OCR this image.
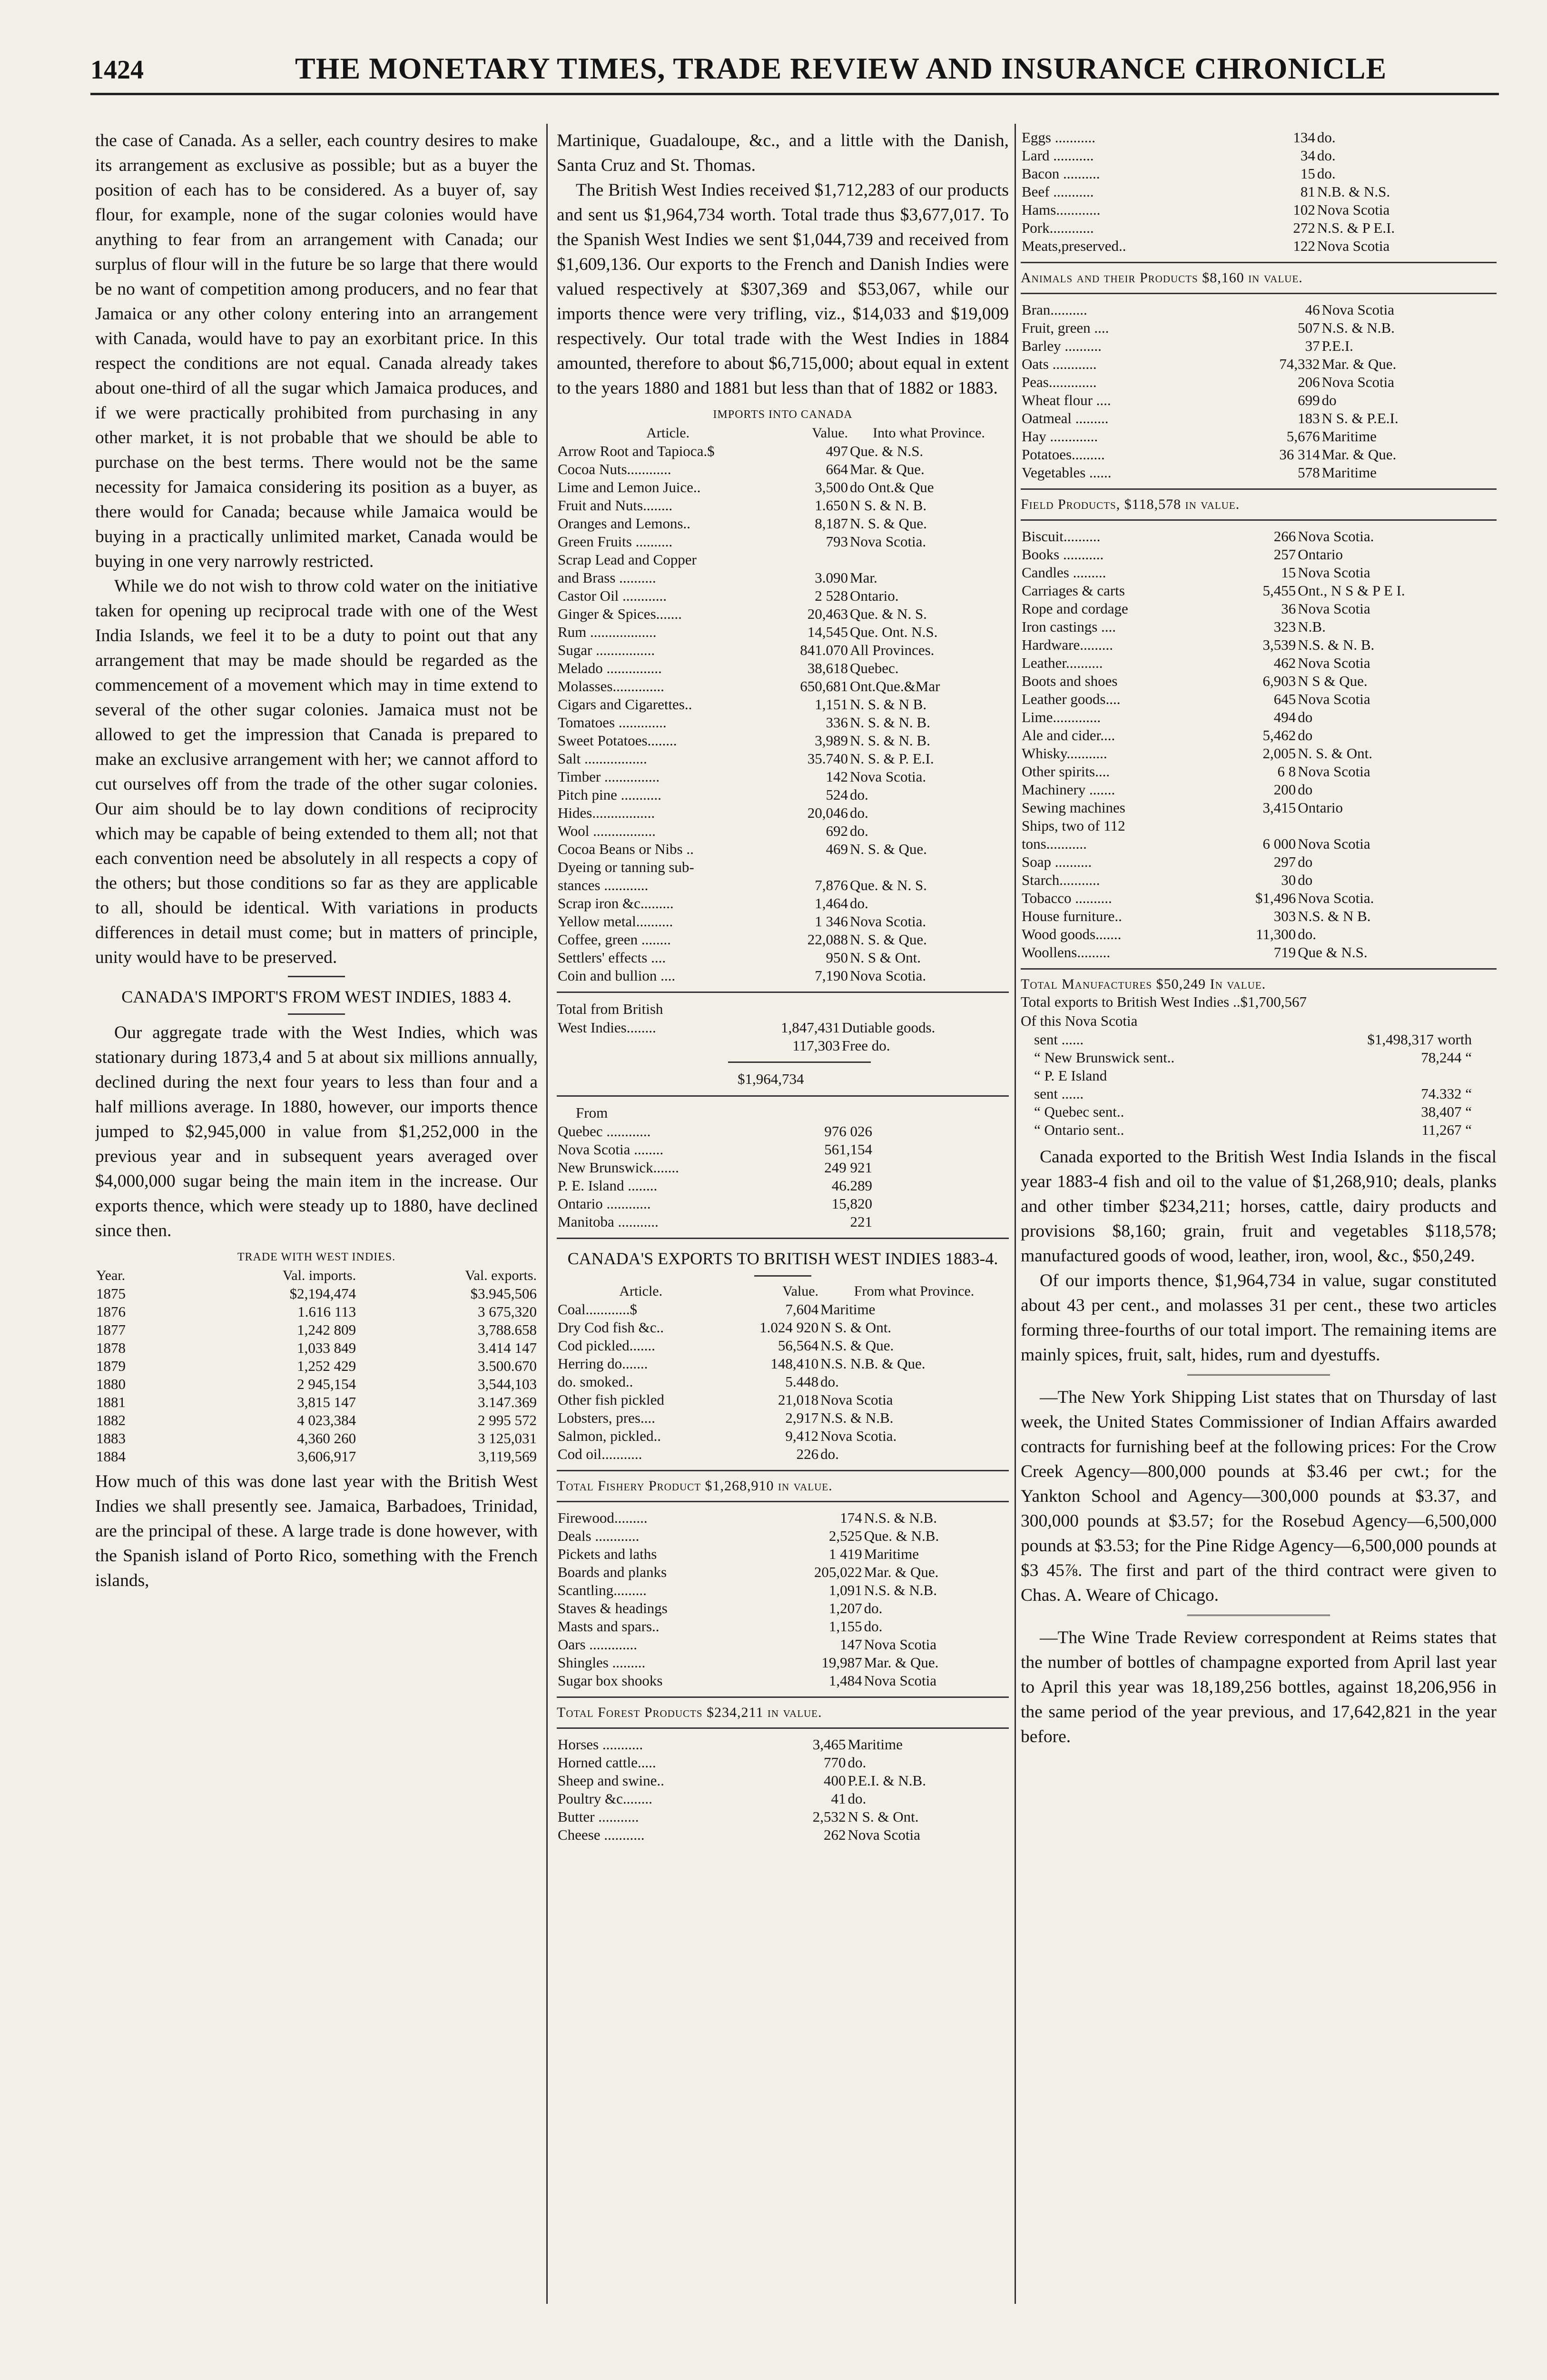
1424	THE MONETARY TIMES, TRADE REVIEW AND INSURANCE CHRONICLE

the case of Canada. As a seller, each country desires to make its arrangement as exclusive as possible; but as a buyer the position of each has to be considered. As a buyer of, say flour, for example, none of the sugar colonies would have anything to fear from an arrangement with Canada; our surplus of flour will in the future be so large that there would be no want of competition among producers, and no fear that Jamaica or any other colony entering into an arrangement with Canada, would have to pay an exorbitant price. In this respect the conditions are not equal. Canada already takes about one-third of all the sugar which Jamaica produces, and if we were practically prohibited from purchasing in any other market, it is not probable that we should be able to purchase on the best terms. There would not be the same necessity for Jamaica considering its position as a buyer, as there would for Canada; because while Jamaica would be buying in a practically unlimited market, Canada would be buying in one very narrowly restricted.

While we do not wish to throw cold water on the initiative taken for opening up reciprocal trade with one of the West India Islands, we feel it to be a duty to point out that any arrangement that may be made should be regarded as the commencement of a movement which may in time extend to several of the other sugar colonies. Jamaica must not be allowed to get the impression that Canada is prepared to make an exclusive arrangement with her; we cannot afford to cut ourselves off from the trade of the other sugar colonies. Our aim should be to lay down conditions of reciprocity which may be capable of being extended to them all; not that each convention need be absolutely in all respects a copy of the others; but those conditions so far as they are applicable to all, should be identical. With variations in products differences in detail must come; but in matters of principle, unity would have to be preserved.

CANADA'S IMPORT'S FROM WEST INDIES, 1883 4.

Our aggregate trade with the West Indies, which was stationary during 1873,4 and 5 at about six millions annually, declined during the next four years to less than four and a half millions average. In 1880, however, our imports thence jumped to $2,945,000 in value from $1,252,000 in the previous year and in subsequent years averaged over $4,000,000 sugar being the main item in the increase. Our exports thence, which were steady up to 1880, have declined since then.

TRADE WITH WEST INDIES.
Year.	Val. imports.	Val. exports.
1875	$2,194,474	$3.945,506
1876	1.616 113	3 675,320
1877	1,242 809	3,788.658
1878	1,033 849	3.414 147
1879	1,252 429	3.500.670
1880	2 945,154	3,544,103
1881	3,815 147	3.147.369
1882	4 023,384	2 995 572
1883	4,360 260	3 125,031
1884	3,606,917	3,119,569

How much of this was done last year with the British West Indies we shall presently see. Jamaica, Barbadoes, Trinidad, are the principal of these. A large trade is done however, with the Spanish island of Porto Rico, something with the French islands,

Martinique, Guadaloupe, &c., and a little with the Danish, Santa Cruz and St. Thomas.

The British West Indies received $1,712,283 of our products and sent us $1,964,734 worth. Total trade thus $3,677,017. To the Spanish West Indies we sent $1,044,739 and received from $1,609,136. Our exports to the French and Danish Indies were valued respectively at $307,369 and $53,067, while our imports thence were very trifling, viz., $14,033 and $19,009 respectively. Our total trade with the West Indies in 1884 amounted, therefore to about $6,715,000; about equal in extent to the years 1880 and 1881 but less than that of 1882 or 1883.

IMPORTS INTO CANADA
Article.	Value.	Into what Province.
Arrow Root and Tapioca.$	497	Que. & N.S.
Cocoa Nuts............	664	Mar. & Que.
Lime and Lemon Juice..	3,500	do Ont.& Que
Fruit and Nuts........	1.650	N S. & N. B.
Oranges and Lemons..	8,187	N. S. & Que.
Green Fruits ..........	793	Nova Scotia.
Scrap Lead and Copper		
and Brass ..........	3.090	Mar.
Castor Oil ............	2 528	Ontario.
Ginger & Spices.......	20,463	Que. & N. S.
Rum ..................	14,545	Que. Ont. N.S.
Sugar ................	841.070	All Provinces.
Melado ...............	38,618	Quebec.
Molasses..............	650,681	Ont.Que.&Mar
Cigars and Cigarettes..	1,151	N. S. & N B.
Tomatoes .............	336	N. S. & N. B.
Sweet Potatoes........	3,989	N. S. & N. B.
Salt .................	35.740	N. S. & P. E.I.
Timber ...............	142	Nova Scotia.
Pitch pine ...........	524	do.
Hides.................	20,046	do.
Wool .................	692	do.
Cocoa Beans or Nibs ..	469	N. S. & Que.
Dyeing or tanning sub-		
stances ............	7,876	Que. & N. S.
Scrap iron &c.........	1,464	do.
Yellow metal..........	1 346	Nova Scotia.
Coffee, green ........	22,088	N. S. & Que.
Settlers' effects ....	950	N. S & Ont.
Coin and bullion ....	7,190	Nova Scotia.
Total from British
West Indies........	1,847,431	Dutiable goods.
	117,303	Free do.
$1,964,734
From
Quebec ............	976 026
Nova Scotia ........	561,154
New Brunswick.......	249 921
P. E. Island ........	46.289
Ontario ............	15,820
Manitoba ...........	221
CANADA'S EXPORTS TO BRITISH WEST INDIES 1883-4.
Article.	Value.	From what Province.
Coal............$	7,604	Maritime

Dry Cod fish &c..	1.024 920	N S. & Ont.
Cod pickled.......	56,564	N.S. & Que.
Herring do.......	148,410	N.S. N.B. & Que.
do. smoked..	5.448	do.
Other fish pickled	21,018	Nova Scotia
Lobsters, pres....	2,917	N.S. & N.B.
Salmon, pickled..	9,412	Nova Scotia.
Cod oil...........	226	do.
Total Fishery Product $1,268,910 in value.
Firewood.........	174	N.S. & N.B.
Deals ............	2,525	Que. & N.B.
Pickets and laths	1 419	Maritime
Boards and planks	205,022	Mar. & Que.
Scantling.........	1,091	N.S. & N.B.
Staves & headings	1,207	do.
Masts and spars..	1,155	do.
Oars .............	147	Nova Scotia
Shingles .........	19,987	Mar. & Que.
Sugar box shooks	1,484	Nova Scotia
Total Forest Products $234,211 in value.
Horses ...........	3,465	Maritime
Horned cattle.....	770	do.
Sheep and swine..	400	P.E.I. & N.B.
Poultry &c........	41	do.
Butter ...........	2,532	N S. & Ont.
Cheese ...........	262	Nova Scotia
Eggs ...........	134	do.
Lard ...........	34	do.
Bacon ..........	15	do.
Beef ...........	81	N.B. & N.S.
Hams............	102	Nova Scotia
Pork............	272	N.S. & P E.I.
Meats,preserved..	122	Nova Scotia
Animals and their Products $8,160 in value.
Bran..........	46	Nova Scotia
Fruit, green ....	507	N.S. & N.B.
Barley ..........	37	P.E.I.
Oats ............	74,332	Mar. & Que.
Peas.............	206	Nova Scotia
Wheat flour ....	699	do
Oatmeal .........	183	N S. & P.E.I.
Hay .............	5,676	Maritime
Potatoes.........	36 314	Mar. & Que.
Vegetables ......	578	Maritime
Field Products, $118,578 in value.
Biscuit..........	266	Nova Scotia.
Books ...........	257	Ontario
Candles .........	15	Nova Scotia
Carriages & carts	5,455	Ont., N S & P E I.
Rope and cordage	36	Nova Scotia
Iron castings ....	323	N.B.
Hardware.........	3,539	N.S. & N. B.
Leather..........	462	Nova Scotia
Boots and shoes	6,903	N S & Que.
Leather goods....	645	Nova Scotia
Lime.............	494	do
Ale and cider....	5,462	do
Whisky...........	2,005	N. S. & Ont.
Other spirits....	6 8	Nova Scotia
Machinery .......	200	do
Sewing machines	3,415	Ontario
Ships, two of 112		
tons...........	6 000	Nova Scotia
Soap ..........	297	do
Starch...........	30	do
Tobacco ..........	$1,496	Nova Scotia.
House furniture..	303	N.S. & N B.
Wood goods.......	11,300	do.
Woollens.........	719	Que & N.S.
Total Manufactures $50,249 In value.
Total exports to British West Indies ..$1,700,567
Of this Nova Scotia
sent ......	$1,498,317 worth
“ New Brunswick sent..	78,244 “
“ P. E Island	
sent ......	74.332 “
“ Quebec sent..	38,407 “
“ Ontario sent..	11,267 “

Canada exported to the British West India Islands in the fiscal year 1883-4 fish and oil to the value of $1,268,910; deals, planks and other timber $234,211; horses, cattle, dairy products and provisions $8,160; grain, fruit and vegetables $118,578; manufactured goods of wood, leather, iron, wool, &c., $50,249.

Of our imports thence, $1,964,734 in value, sugar constituted about 43 per cent., and molasses 31 per cent., these two articles forming three-fourths of our total import. The remaining items are mainly spices, fruit, salt, hides, rum and dyestuffs.

—The New York Shipping List states that on Thursday of last week, the United States Commissioner of Indian Affairs awarded contracts for furnishing beef at the following prices: For the Crow Creek Agency—800,000 pounds at $3.46 per cwt.; for the Yankton School and Agency—300,000 pounds at $3.37, and 300,000 pounds at $3.57; for the Rosebud Agency—6,500,000 pounds at $3.53; for the Pine Ridge Agency—6,500,000 pounds at $3 45⅞. The first and part of the third contract were given to Chas. A. Weare of Chicago.

—The Wine Trade Review correspondent at Reims states that the number of bottles of champagne exported from April last year to April this year was 18,189,256 bottles, against 18,206,956 in the same period of the year previous, and 17,642,821 in the year before.
